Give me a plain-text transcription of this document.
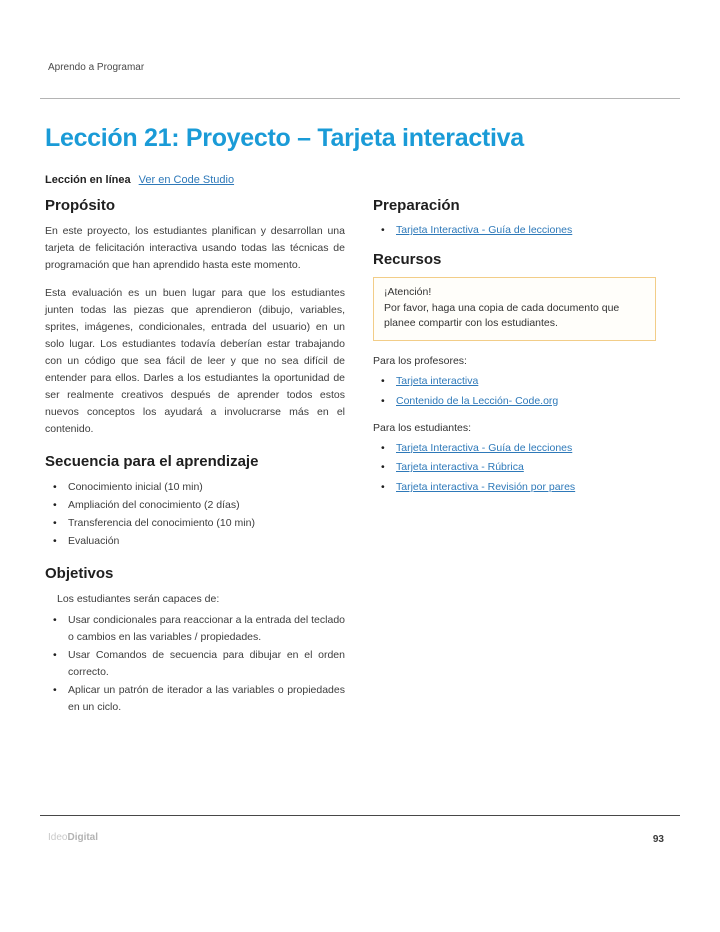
Aprendo a Programar
Lección 21: Proyecto – Tarjeta interactiva
Lección en línea Ver en Code Studio
Propósito

En este proyecto, los estudiantes planifican y desarrollan una tarjeta de felicitación interactiva usando todas las técnicas de programación que han aprendido hasta este momento.

Esta evaluación es un buen lugar para que los estudiantes junten todas las piezas que aprendieron (dibujo, variables, sprites, imágenes, condicionales, entrada del usuario) en un solo lugar. Los estudiantes todavía deberían estar trabajando con un código que sea fácil de leer y que no sea difícil de entender para ellos. Darles a los estudiantes la oportunidad de ser realmente creativos después de aprender todos estos nuevos conceptos los ayudará a involucrarse más en el contenido.

Secuencia para el aprendizaje
• Conocimiento inicial (10 min)
• Ampliación del conocimiento (2 días)
• Transferencia del conocimiento (10 min)
• Evaluación
Objetivos

Los estudiantes serán capaces de:

• Usar condicionales para reaccionar a la entrada del teclado o cambios en las variables / propiedades.
• Usar Comandos de secuencia para dibujar en el orden correcto.
• Aplicar un patrón de iterador a las variables o propiedades en un ciclo.
Preparación
• Tarjeta Interactiva - Guía de lecciones
Recursos
¡Atención!
Por favor, haga una copia de cada documento que planee compartir con los estudiantes.

Para los profesores:

• Tarjeta interactiva
• Contenido de la Lección- Code.org

Para los estudiantes:

• Tarjeta Interactiva - Guía de lecciones
• Tarjeta interactiva - Rúbrica
• Tarjeta interactiva - Revisión por pares
IdeoDigital	93
